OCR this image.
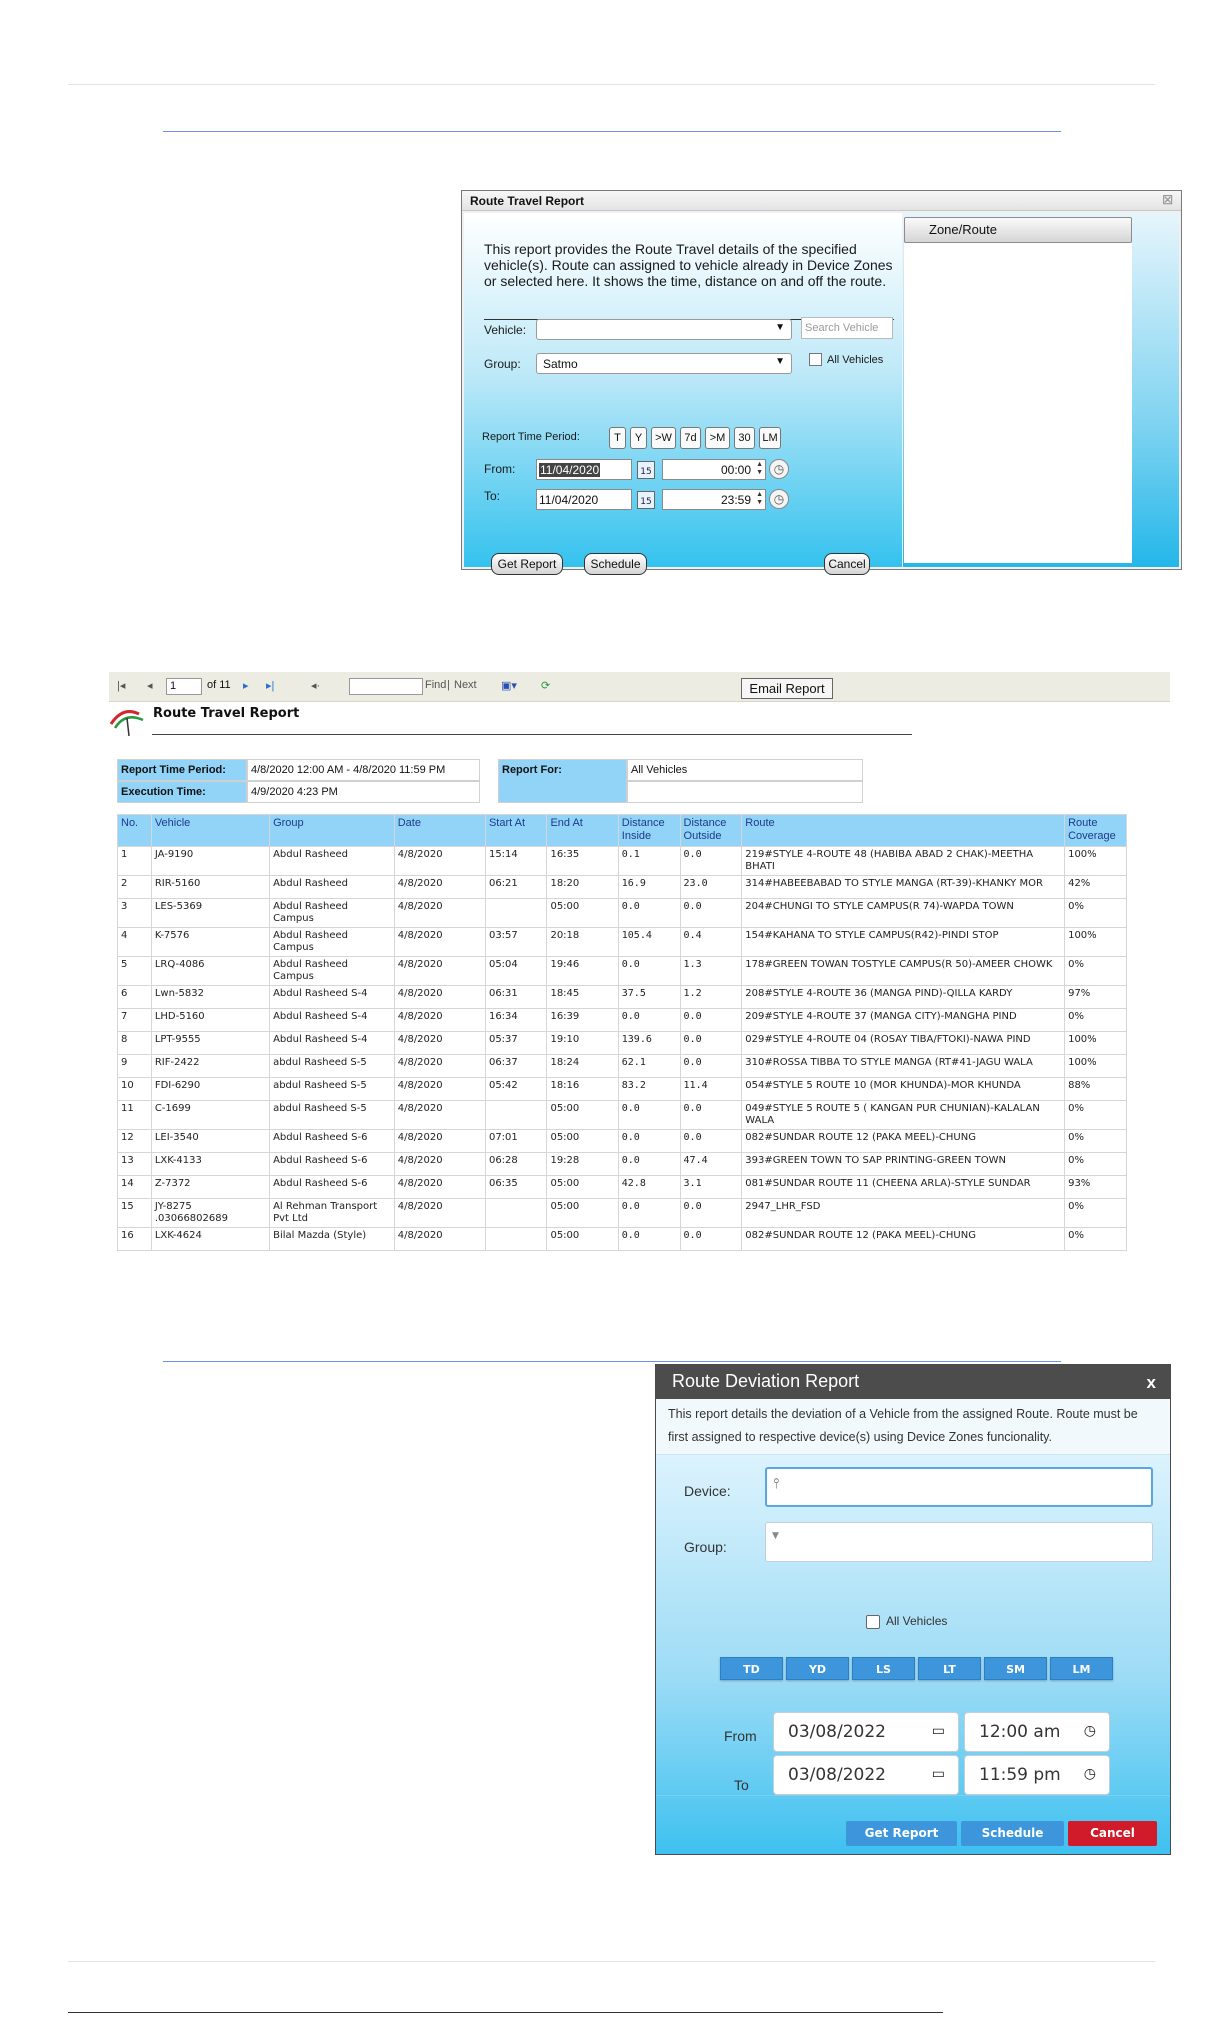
Route Travel Report	☒
This report provides the Route Travel details of the specified vehicle(s). Route can assigned to vehicle already in Device Zones or selected here. It shows the time, distance on and off the route.
Vehicle:	▼	Search Vehicle
Group:	Satmo	▼	All Vehicles
Report Time Period:	T	Y	>W	7d	>M	30	LM
From:	11/04/2020	15	00:00 ▲
▼ ◷
To:	11/04/2020	15	23:59 ▲
▼ ◷
Get Report	Schedule	Cancel
Zone/Route
|◂ ◂	1	of 11 ▸ ▸|	◂·	Find | Next ▣▾ ⟳	Email Report
Route Travel Report
Report Time Period:	4/8/2020 12:00 AM - 4/8/2020 11:59 PM
Execution Time:	4/9/2020 4:23 PM
Report For:	All Vehicles
No.	Vehicle	Group	Date	Start At	End At	Distance Inside	Distance Outside	Route	Route Coverage
1	JA-9190	Abdul Rasheed	4/8/2020	15:14	16:35	0.1	0.0	219#STYLE 4-ROUTE 48 (HABIBA ABAD 2 CHAK)-MEETHA BHATI	100%
2	RIR-5160	Abdul Rasheed	4/8/2020	06:21	18:20	16.9	23.0	314#HABEEBABAD TO STYLE MANGA (RT-39)-KHANKY MOR	42%
3	LES-5369	Abdul Rasheed Campus	4/8/2020		05:00	0.0	0.0	204#CHUNGI TO STYLE CAMPUS(R 74)-WAPDA TOWN	0%
4	K-7576	Abdul Rasheed Campus	4/8/2020	03:57	20:18	105.4	0.4	154#KAHANA TO STYLE CAMPUS(R42)-PINDI STOP	100%
5	LRQ-4086	Abdul Rasheed Campus	4/8/2020	05:04	19:46	0.0	1.3	178#GREEN TOWAN TOSTYLE CAMPUS(R 50)-AMEER CHOWK	0%
6	Lwn-5832	Abdul Rasheed S-4	4/8/2020	06:31	18:45	37.5	1.2	208#STYLE 4-ROUTE 36 (MANGA PIND)-QILLA KARDY	97%
7	LHD-5160	Abdul Rasheed S-4	4/8/2020	16:34	16:39	0.0	0.0	209#STYLE 4-ROUTE 37 (MANGA CITY)-MANGHA PIND	0%
8	LPT-9555	Abdul Rasheed S-4	4/8/2020	05:37	19:10	139.6	0.0	029#STYLE 4-ROUTE 04 (ROSAY TIBA/FTOKI)-NAWA PIND	100%
9	RIF-2422	abdul Rasheed S-5	4/8/2020	06:37	18:24	62.1	0.0	310#ROSSA TIBBA TO STYLE MANGA (RT#41-JAGU WALA	100%
10	FDI-6290	abdul Rasheed S-5	4/8/2020	05:42	18:16	83.2	11.4	054#STYLE 5 ROUTE 10 (MOR KHUNDA)-MOR KHUNDA	88%
11	C-1699	abdul Rasheed S-5	4/8/2020		05:00	0.0	0.0	049#STYLE 5 ROUTE 5 ( KANGAN PUR CHUNIAN)-KALALAN WALA	0%
12	LEI-3540	Abdul Rasheed S-6	4/8/2020	07:01	05:00	0.0	0.0	082#SUNDAR ROUTE 12 (PAKA MEEL)-CHUNG	0%
13	LXK-4133	Abdul Rasheed S-6	4/8/2020	06:28	19:28	0.0	47.4	393#GREEN TOWN TO SAP PRINTING-GREEN TOWN	0%
14	Z-7372	Abdul Rasheed S-6	4/8/2020	06:35	05:00	42.8	3.1	081#SUNDAR ROUTE 11 (CHEENA ARLA)-STYLE SUNDAR	93%
15	JY-8275 .03066802689	Al Rehman Transport Pvt Ltd	4/8/2020		05:00	0.0	0.0	2947_LHR_FSD	0%
16	LXK-4624	Bilal Mazda (Style)	4/8/2020		05:00	0.0	0.0	082#SUNDAR ROUTE 12 (PAKA MEEL)-CHUNG	0%
Route Deviation Report	x
This report details the deviation of a Vehicle from the assigned Route. Route must be first assigned to respective device(s) using Device Zones funcionality.
Device:	⫯
Group:
▼
All Vehicles
TD	YD	LS	LT	SM	LM
From	03/08/2022	▭	12:00 am ◷
To	03/08/2022	▭	11:59 pm ◷
Get Report	Schedule	Cancel
